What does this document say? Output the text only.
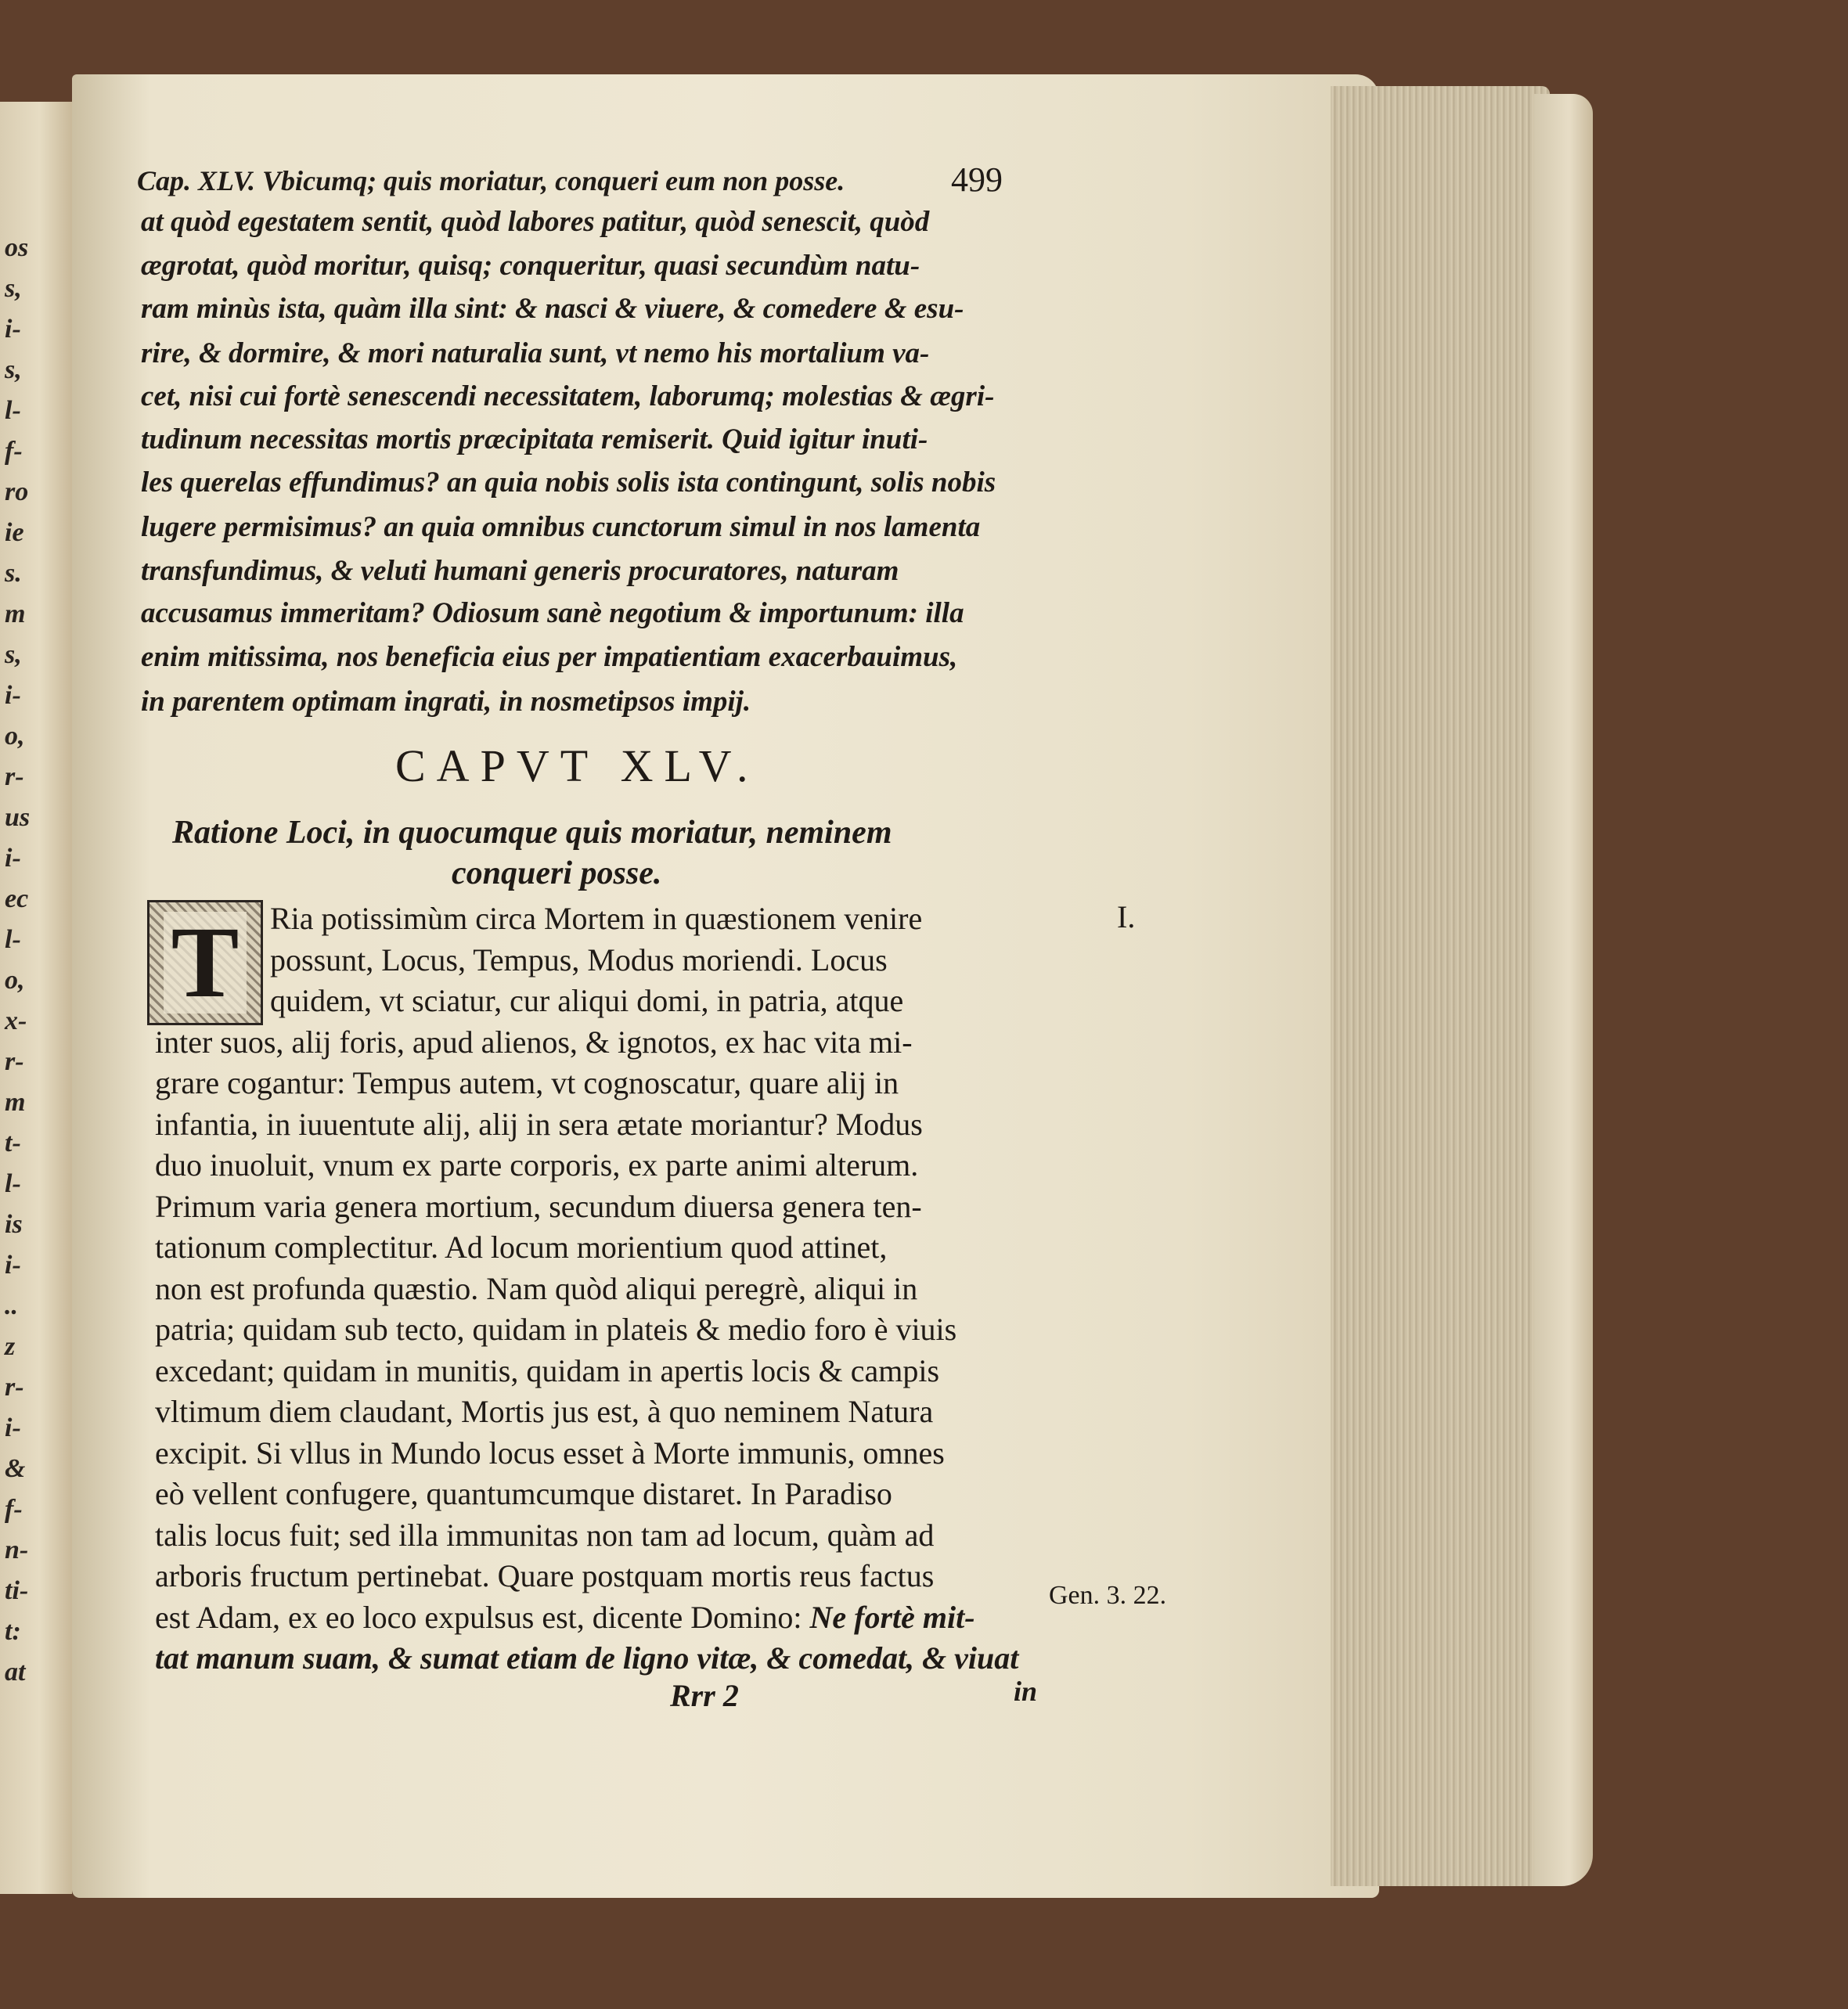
os
s,
i-
s,
l-
f-
ro
ie
s.
m
s,
i-
o,
r-
us
i-
ec
l-
o,
x-
r-
m
t-
l-
is
i-
..
z
r-
i-
&
f-
n-
ti-
t:
at
Cap. XLV. Vbicumq; quis moriatur, conqueri eum non posse.	499
at quòd egestatem sentit, quòd labores patitur, quòd senescit, quòd
ægrotat, quòd moritur, quisq; conqueritur, quasi secundùm natu-
ram minùs ista, quàm illa sint: & nasci & viuere, & comedere & esu-
rire, & dormire, & mori naturalia sunt, vt nemo his mortalium va-
cet, nisi cui fortè senescendi necessitatem, laborumq; molestias & ægri-
tudinum necessitas mortis præcipitata remiserit. Quid igitur inuti-
les querelas effundimus? an quia nobis solis ista contingunt, solis nobis
lugere permisimus? an quia omnibus cunctorum simul in nos lamenta
transfundimus, & veluti humani generis procuratores, naturam
accusamus immeritam? Odiosum sanè negotium & importunum: illa
enim mitissima, nos beneficia eius per impatientiam exacerbauimus,
in parentem optimam ingrati, in nosmetipsos impij.
CAPVT XLV.
Ratione Loci, in quocumque quis moriatur, neminem
conqueri posse.
T Ria potissimùm circa Mortem in quæstionem venire
possunt, Locus, Tempus, Modus moriendi. Locus
quidem, vt sciatur, cur aliqui domi, in patria, atque
inter suos, alij foris, apud alienos, & ignotos, ex hac vita mi-
grare cogantur: Tempus autem, vt cognoscatur, quare alij in
infantia, in iuuentute alij, alij in sera ætate moriantur? Modus
duo inuoluit, vnum ex parte corporis, ex parte animi alterum.
Primum varia genera mortium, secundum diuersa genera ten-
tationum complectitur. Ad locum morientium quod attinet,
non est profunda quæstio. Nam quòd aliqui peregrè, aliqui in
patria; quidam sub tecto, quidam in plateis & medio foro è viuis
excedant; quidam in munitis, quidam in apertis locis & campis
vltimum diem claudant, Mortis jus est, à quo neminem Natura
excipit. Si vllus in Mundo locus esset à Morte immunis, omnes
eò vellent confugere, quantumcumque distaret. In Paradiso
talis locus fuit; sed illa immunitas non tam ad locum, quàm ad
arboris fructum pertinebat. Quare postquam mortis reus factus
est Adam, ex eo loco expulsus est, dicente Domino: Ne fortè mit-
tat manum suam, & sumat etiam de ligno vitæ, & comedat, & viuat
I.
Gen. 3. 22.
Rrr 2	in
